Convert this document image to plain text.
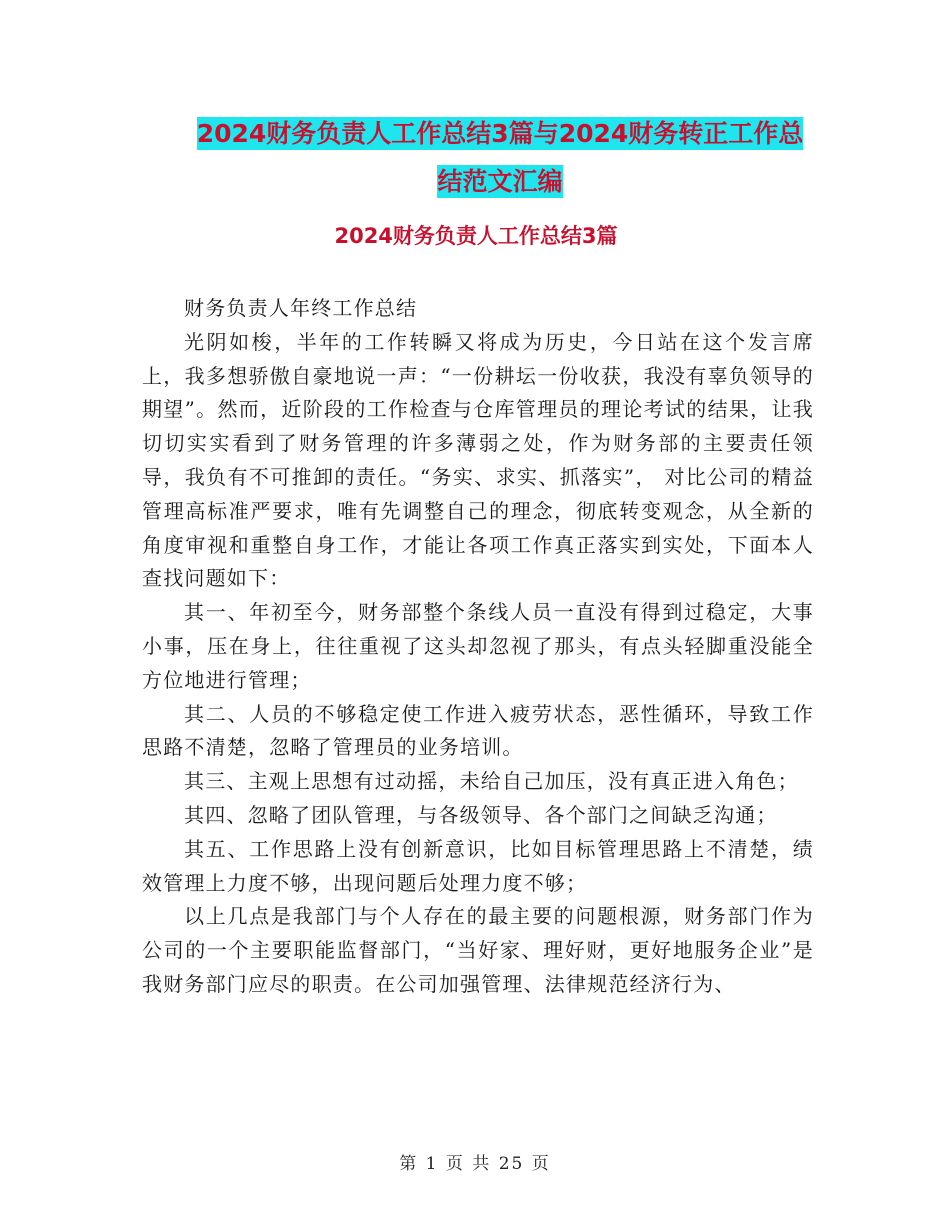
2024财务负责人工作总结3篇与2024财务转正工作总
结范文汇编
2024财务负责人工作总结3篇

财务负责人年终工作总结

光阴如梭，半年的工作转瞬又将成为历史，今日站在这个发言席上，我多想骄傲自豪地说一声：“一份耕坛一份收获，我没有辜负领导的期望”。然而，近阶段的工作检查与仓库管理员的理论考试的结果，让我切切实实看到了财务管理的许多薄弱之处，作为财务部的主要责任领导，我负有不可推卸的责任。“务实、求实、抓落实”， 对比公司的精益管理高标准严要求，唯有先调整自己的理念，彻底转变观念，从全新的角度审视和重整自身工作，才能让各项工作真正落实到实处，下面本人查找问题如下：

其一、年初至今，财务部整个条线人员一直没有得到过稳定，大事小事，压在身上，往往重视了这头却忽视了那头，有点头轻脚重没能全方位地进行管理；

其二、人员的不够稳定使工作进入疲劳状态，恶性循环，导致工作思路不清楚，忽略了管理员的业务培训。

其三、主观上思想有过动摇，未给自己加压，没有真正进入角色；

其四、忽略了团队管理，与各级领导、各个部门之间缺乏沟通；

其五、工作思路上没有创新意识，比如目标管理思路上不清楚，绩效管理上力度不够，出现问题后处理力度不够；

以上几点是我部门与个人存在的最主要的问题根源，财务部门作为公司的一个主要职能监督部门，“当好家、理好财，更好地服务企业”是我财务部门应尽的职责。在公司加强管理、法律规范经济行为、

第 1 页 共 25 页
